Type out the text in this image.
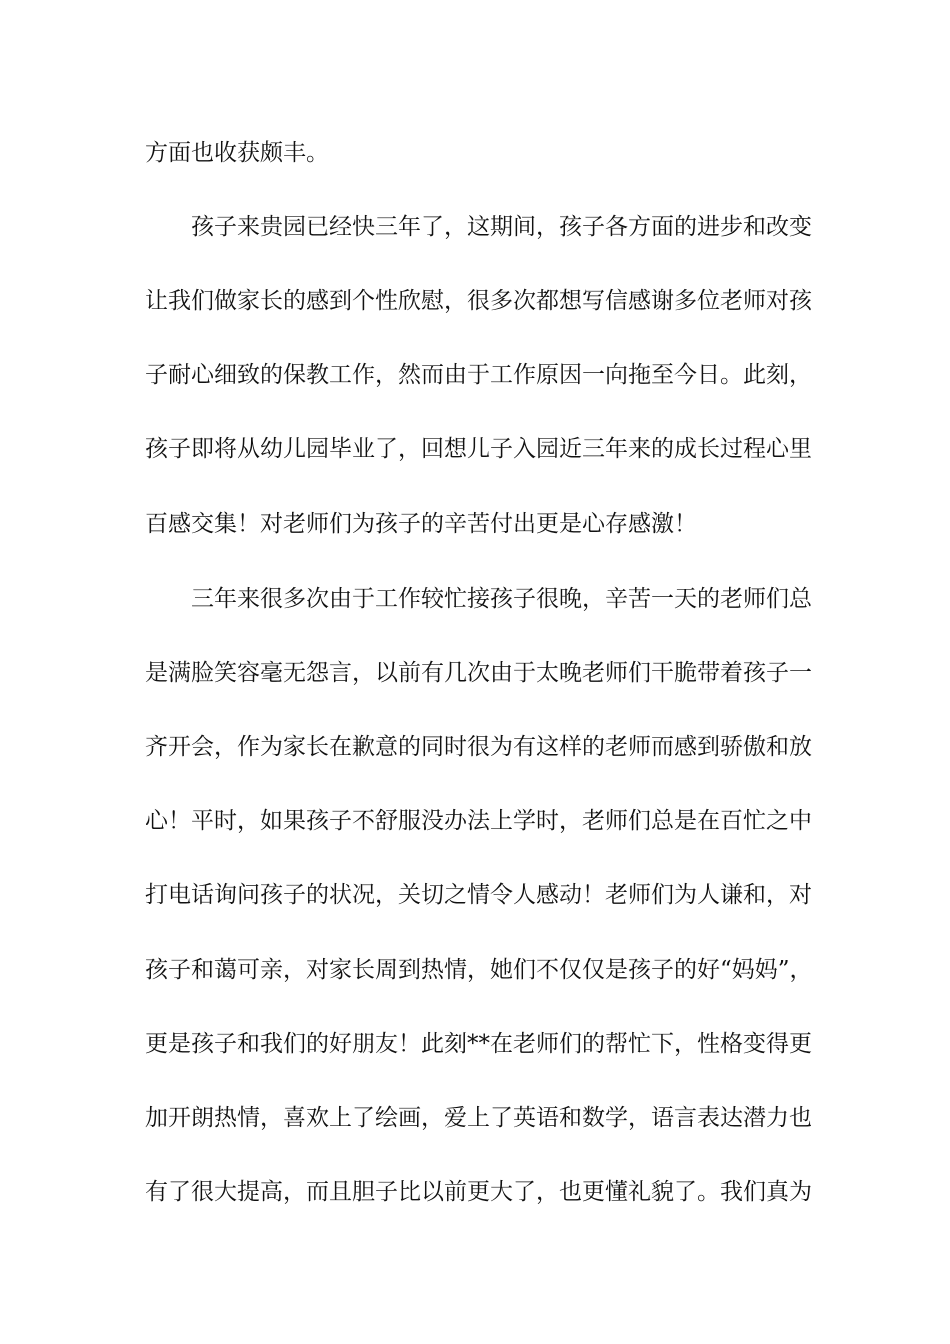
方面也收获颇丰。
孩子来贵园已经快三年了，这期间，孩子各方面的进步和改变
让我们做家长的感到个性欣慰，很多次都想写信感谢多位老师对孩
子耐心细致的保教工作，然而由于工作原因一向拖至今日。此刻，
孩子即将从幼儿园毕业了，回想儿子入园近三年来的成长过程心里
百感交集！对老师们为孩子的辛苦付出更是心存感激！
三年来很多次由于工作较忙接孩子很晚，辛苦一天的老师们总
是满脸笑容毫无怨言，以前有几次由于太晚老师们干脆带着孩子一
齐开会，作为家长在歉意的同时很为有这样的老师而感到骄傲和放
心！平时，如果孩子不舒服没办法上学时，老师们总是在百忙之中
打电话询问孩子的状况，关切之情令人感动！老师们为人谦和，对
孩子和蔼可亲，对家长周到热情，她们不仅仅是孩子的好“妈妈”，
更是孩子和我们的好朋友！此刻**在老师们的帮忙下，性格变得更
加开朗热情，喜欢上了绘画，爱上了英语和数学，语言表达潜力也
有了很大提高，而且胆子比以前更大了，也更懂礼貌了。我们真为
